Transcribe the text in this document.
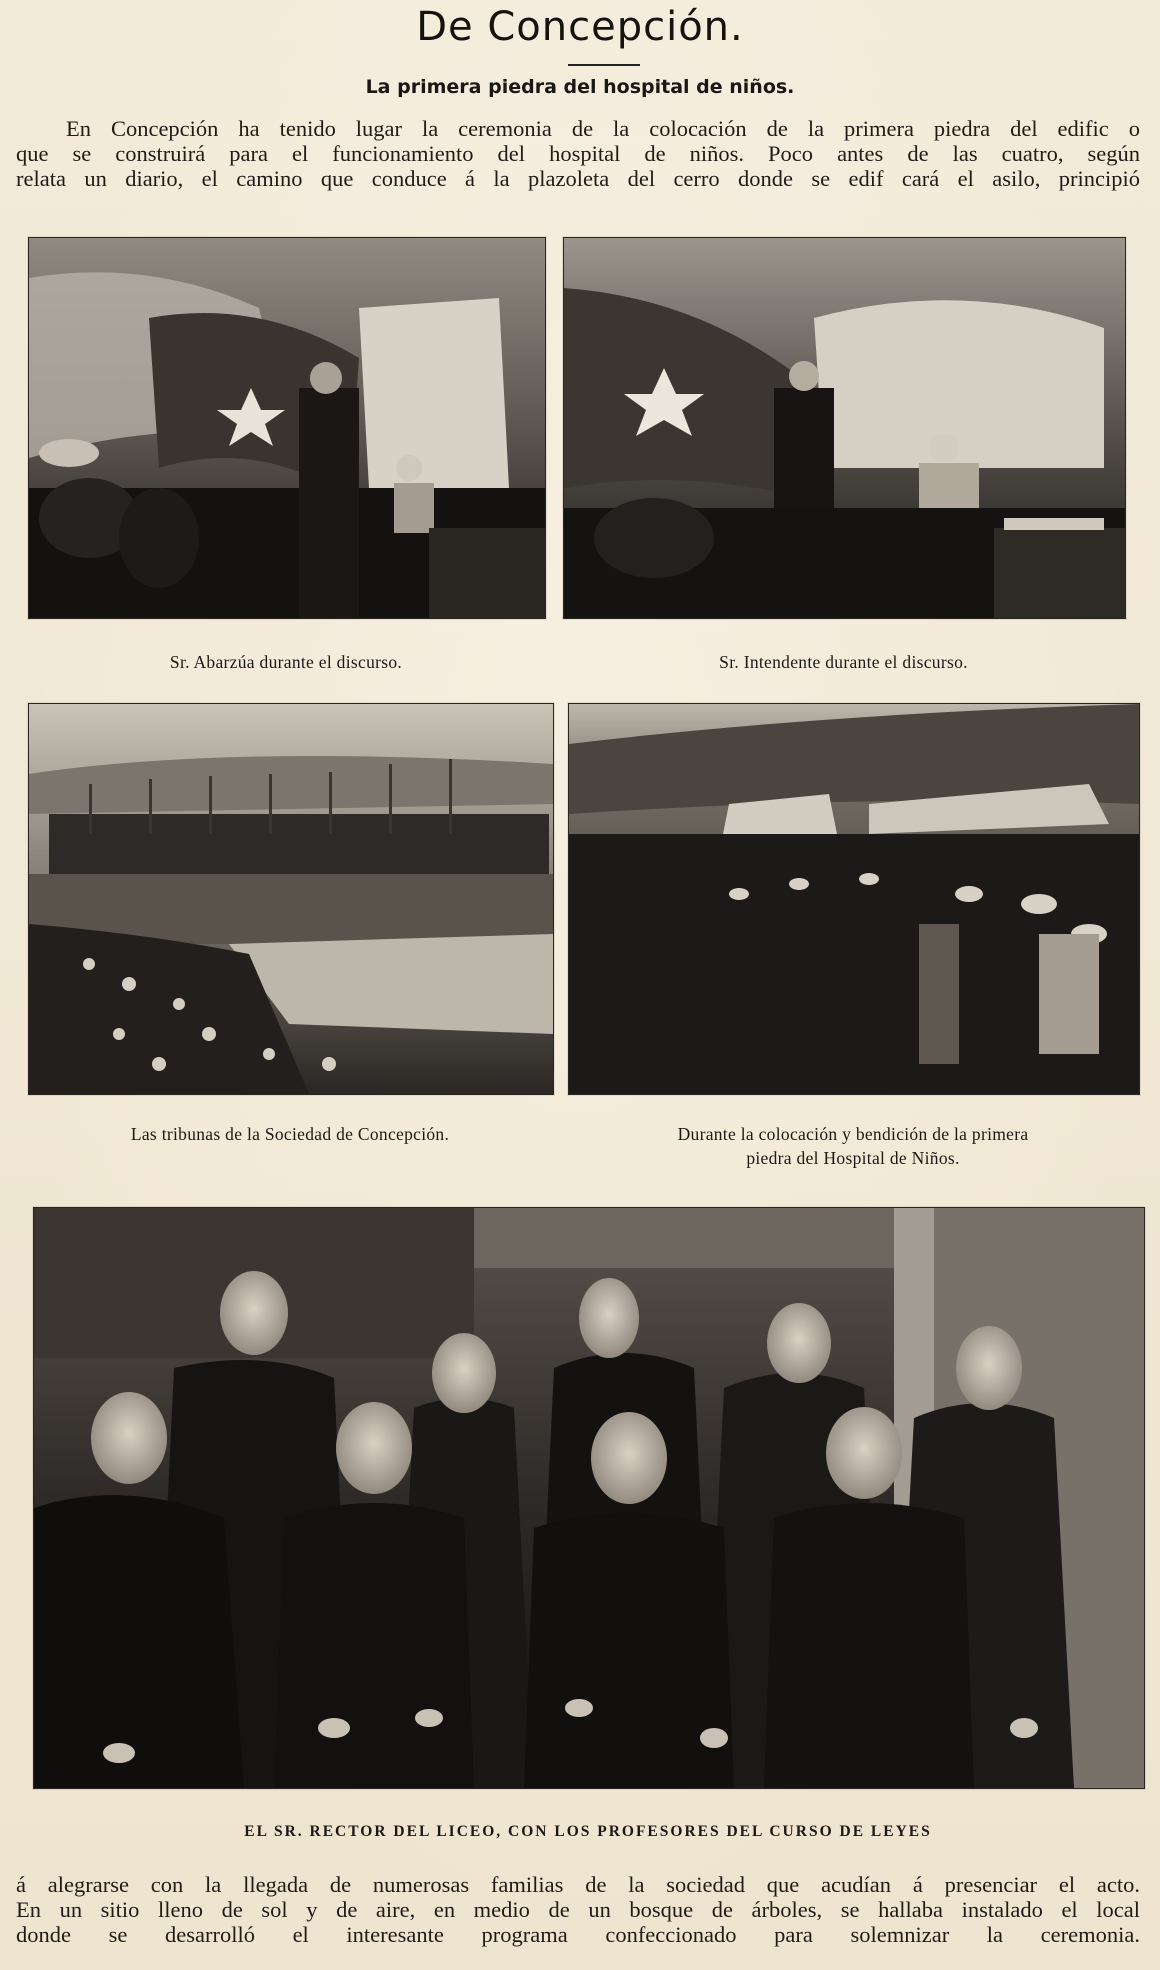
De Concepción.
La primera piedra del hospital de niños.
En Concepción ha tenido lugar la ceremonia de la colocación de la primera piedra del edific o
que se construirá para el funcionamiento del hospital de niños. Poco antes de las cuatro, según
relata un diario, el camino que conduce á la plazoleta del cerro donde se edif cará el asilo, principió
Sr. Abarzúa durante el discurso.	Sr. Intendente durante el discurso.
Las tribunas de la Sociedad de Concepción.	Durante la colocación y bendición de la primera
piedra del Hospital de Niños.
EL SR. RECTOR DEL LICEO, CON LOS PROFESORES DEL CURSO DE LEYES
á alegrarse con la llegada de numerosas familias de la sociedad que acudían á presenciar el acto.
En un sitio lleno de sol y de aire, en medio de un bosque de árboles, se hallaba instalado el local
donde se desarrolló el interesante programa confeccionado para solemnizar la ceremonia.
